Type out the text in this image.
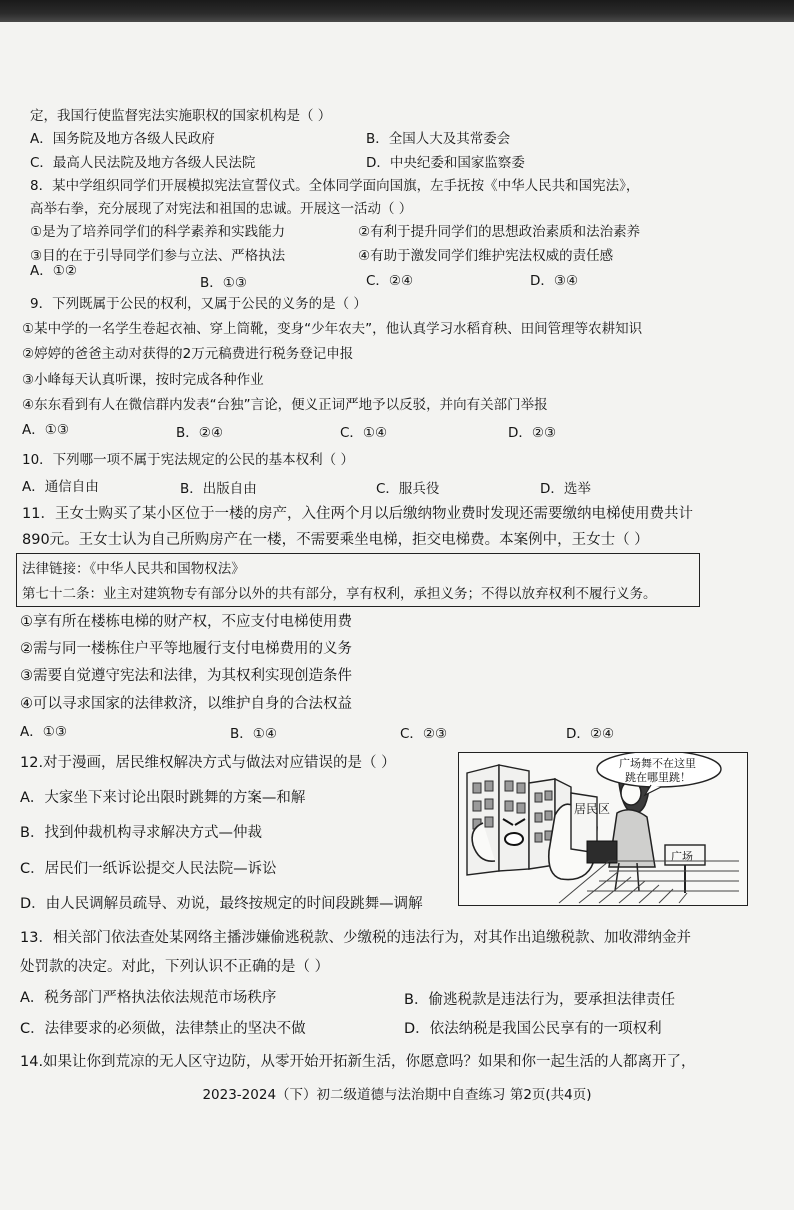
定，我国行使监督宪法实施职权的国家机构是（ ）
A．国务院及地方各级人民政府	B．全国人大及其常委会
C．最高人民法院及地方各级人民法院	D．中央纪委和国家监察委
8．某中学组织同学们开展模拟宪法宣誓仪式。全体同学面向国旗，左手抚按《中华人民共和国宪法》，
高举右拳，充分展现了对宪法和祖国的忠诚。开展这一活动（ ）
①是为了培养同学们的科学素养和实践能力	②有利于提升同学们的思想政治素质和法治素养
③目的在于引导同学们参与立法、严格执法	④有助于激发同学们维护宪法权威的责任感
A．①②
B．①③	C．②④	D．③④
9．下列既属于公民的权利，又属于公民的义务的是（ ）
①某中学的一名学生卷起衣袖、穿上筒靴，变身“少年农夫”，他认真学习水稻育秧、田间管理等农耕知识
②婷婷的爸爸主动对获得的2万元稿费进行税务登记申报
③小峰每天认真听课，按时完成各种作业
④东东看到有人在微信群内发表“台独”言论，便义正词严地予以反驳，并向有关部门举报
A．①③	B．②④	C．①④	D．②③
10．下列哪一项不属于宪法规定的公民的基本权利（ ）
A．通信自由	B．出版自由	C．服兵役	D．选举
11．王女士购买了某小区位于一楼的房产，入住两个月以后缴纳物业费时发现还需要缴纳电梯使用费共计
890元。王女士认为自己所购房产在一楼，不需要乘坐电梯，拒交电梯费。本案例中，王女士（ ）
法律链接：《中华人民共和国物权法》
第七十二条：业主对建筑物专有部分以外的共有部分，享有权利，承担义务；不得以放弃权利不履行义务。
①享有所在楼栋电梯的财产权，不应支付电梯使用费
②需与同一楼栋住户平等地履行支付电梯费用的义务
③需要自觉遵守宪法和法律，为其权利实现创造条件
④可以寻求国家的法律救济，以维护自身的合法权益
A．①③	B．①④	C．②③	D．②④
12.对于漫画，居民维权解决方式与做法对应错误的是（ ）
A．大家坐下来讨论出限时跳舞的方案—和解
B．找到仲裁机构寻求解决方式—仲裁
C．居民们一纸诉讼提交人民法院—诉讼
D．由人民调解员疏导、劝说，最终按规定的时间段跳舞—调解
居民区
广场
广场舞不在这里
跳在哪里跳！
13．相关部门依法查处某网络主播涉嫌偷逃税款、少缴税的违法行为，对其作出追缴税款、加收滞纳金并
处罚款的决定。对此，下列认识不正确的是（ ）
A．税务部门严格执法依法规范市场秩序	B．偷逃税款是违法行为，要承担法律责任
C．法律要求的必须做，法律禁止的坚决不做	D．依法纳税是我国公民享有的一项权利
14.如果让你到荒凉的无人区守边防，从零开始开拓新生活，你愿意吗？如果和你一起生活的人都离开了，
2023-2024（下）初二级道德与法治期中自查练习 第2页(共4页)
